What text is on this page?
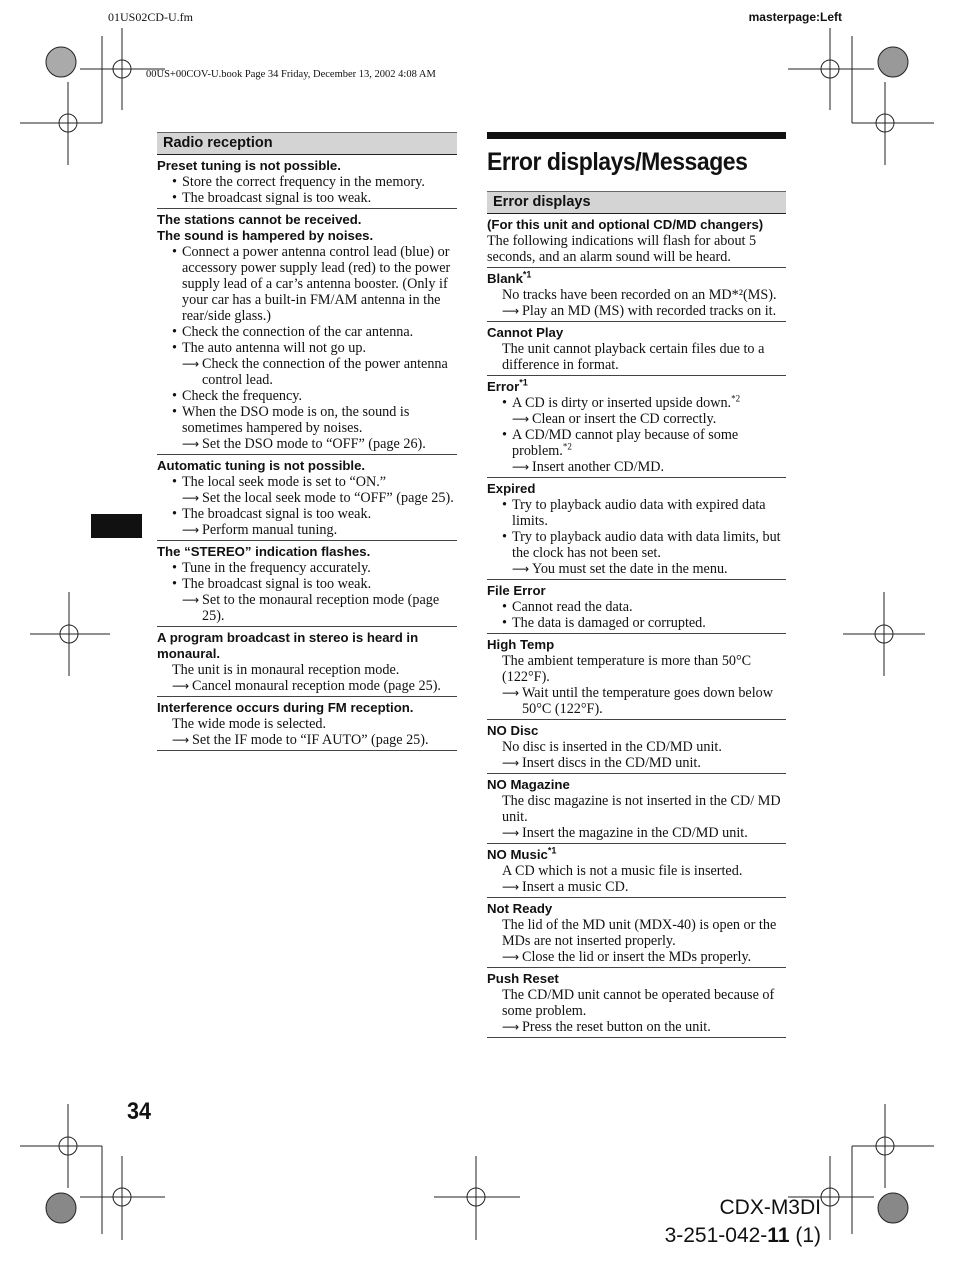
01US02CD-U.fm	masterpage:Left
00US+00COV-U.book Page 34 Friday, December 13, 2002 4:08 AM
Radio reception
Preset tuning is not possible.
• Store the correct frequency in the memory.
• The broadcast signal is too weak.
The stations cannot be received.
The sound is hampered by noises.
• Connect a power antenna control lead (blue) or accessory power supply lead (red) to the power supply lead of a car’s antenna booster. (Only if your car has a built-in FM/AM antenna in the rear/side glass.)
• Check the connection of the car antenna.
• The auto antenna will not go up.
⟶ Check the connection of the power antenna control lead.
• Check the frequency.
• When the DSO mode is on, the sound is sometimes hampered by noises.
⟶ Set the DSO mode to “OFF” (page 26).
Automatic tuning is not possible.
• The local seek mode is set to “ON.”
⟶ Set the local seek mode to “OFF” (page 25).
• The broadcast signal is too weak.
⟶ Perform manual tuning.
The “STEREO” indication flashes.
• Tune in the frequency accurately.
• The broadcast signal is too weak.
⟶ Set to the monaural reception mode (page 25).
A program broadcast in stereo is heard in monaural.
The unit is in monaural reception mode.
⟶ Cancel monaural reception mode (page 25).
Interference occurs during FM reception.
The wide mode is selected.
⟶ Set the IF mode to “IF AUTO” (page 25).
Error displays/Messages
Error displays
(For this unit and optional CD/MD changers)
The following indications will flash for about 5 seconds, and an alarm sound will be heard.
Blank$^{*1}$
No tracks have been recorded on an MD*²(MS).
⟶ Play an MD (MS) with recorded tracks on it.
Cannot Play
The unit cannot playback certain files due to a difference in format.
Error$^{*1}$
• A CD is dirty or inserted upside down.$^{*2}$
⟶ Clean or insert the CD correctly.
• A CD/MD cannot play because of some problem.$^{*2}$
⟶ Insert another CD/MD.
Expired
• Try to playback audio data with expired data limits.
• Try to playback audio data with data limits, but the clock has not been set.
⟶ You must set the date in the menu.
File Error
• Cannot read the data.
• The data is damaged or corrupted.
High Temp
The ambient temperature is more than 50°C (122°F).
⟶ Wait until the temperature goes down below 50°C (122°F).
NO Disc
No disc is inserted in the CD/MD unit.
⟶ Insert discs in the CD/MD unit.
NO Magazine
The disc magazine is not inserted in the CD/ MD unit.
⟶ Insert the magazine in the CD/MD unit.
NO Music$^{*1}$
A CD which is not a music file is inserted.
⟶ Insert a music CD.
Not Ready
The lid of the MD unit (MDX-40) is open or the MDs are not inserted properly.
⟶ Close the lid or insert the MDs properly.
Push Reset
The CD/MD unit cannot be operated because of some problem.
⟶ Press the reset button on the unit.
34
CDX-M3DI
3-251-042-11 (1)
